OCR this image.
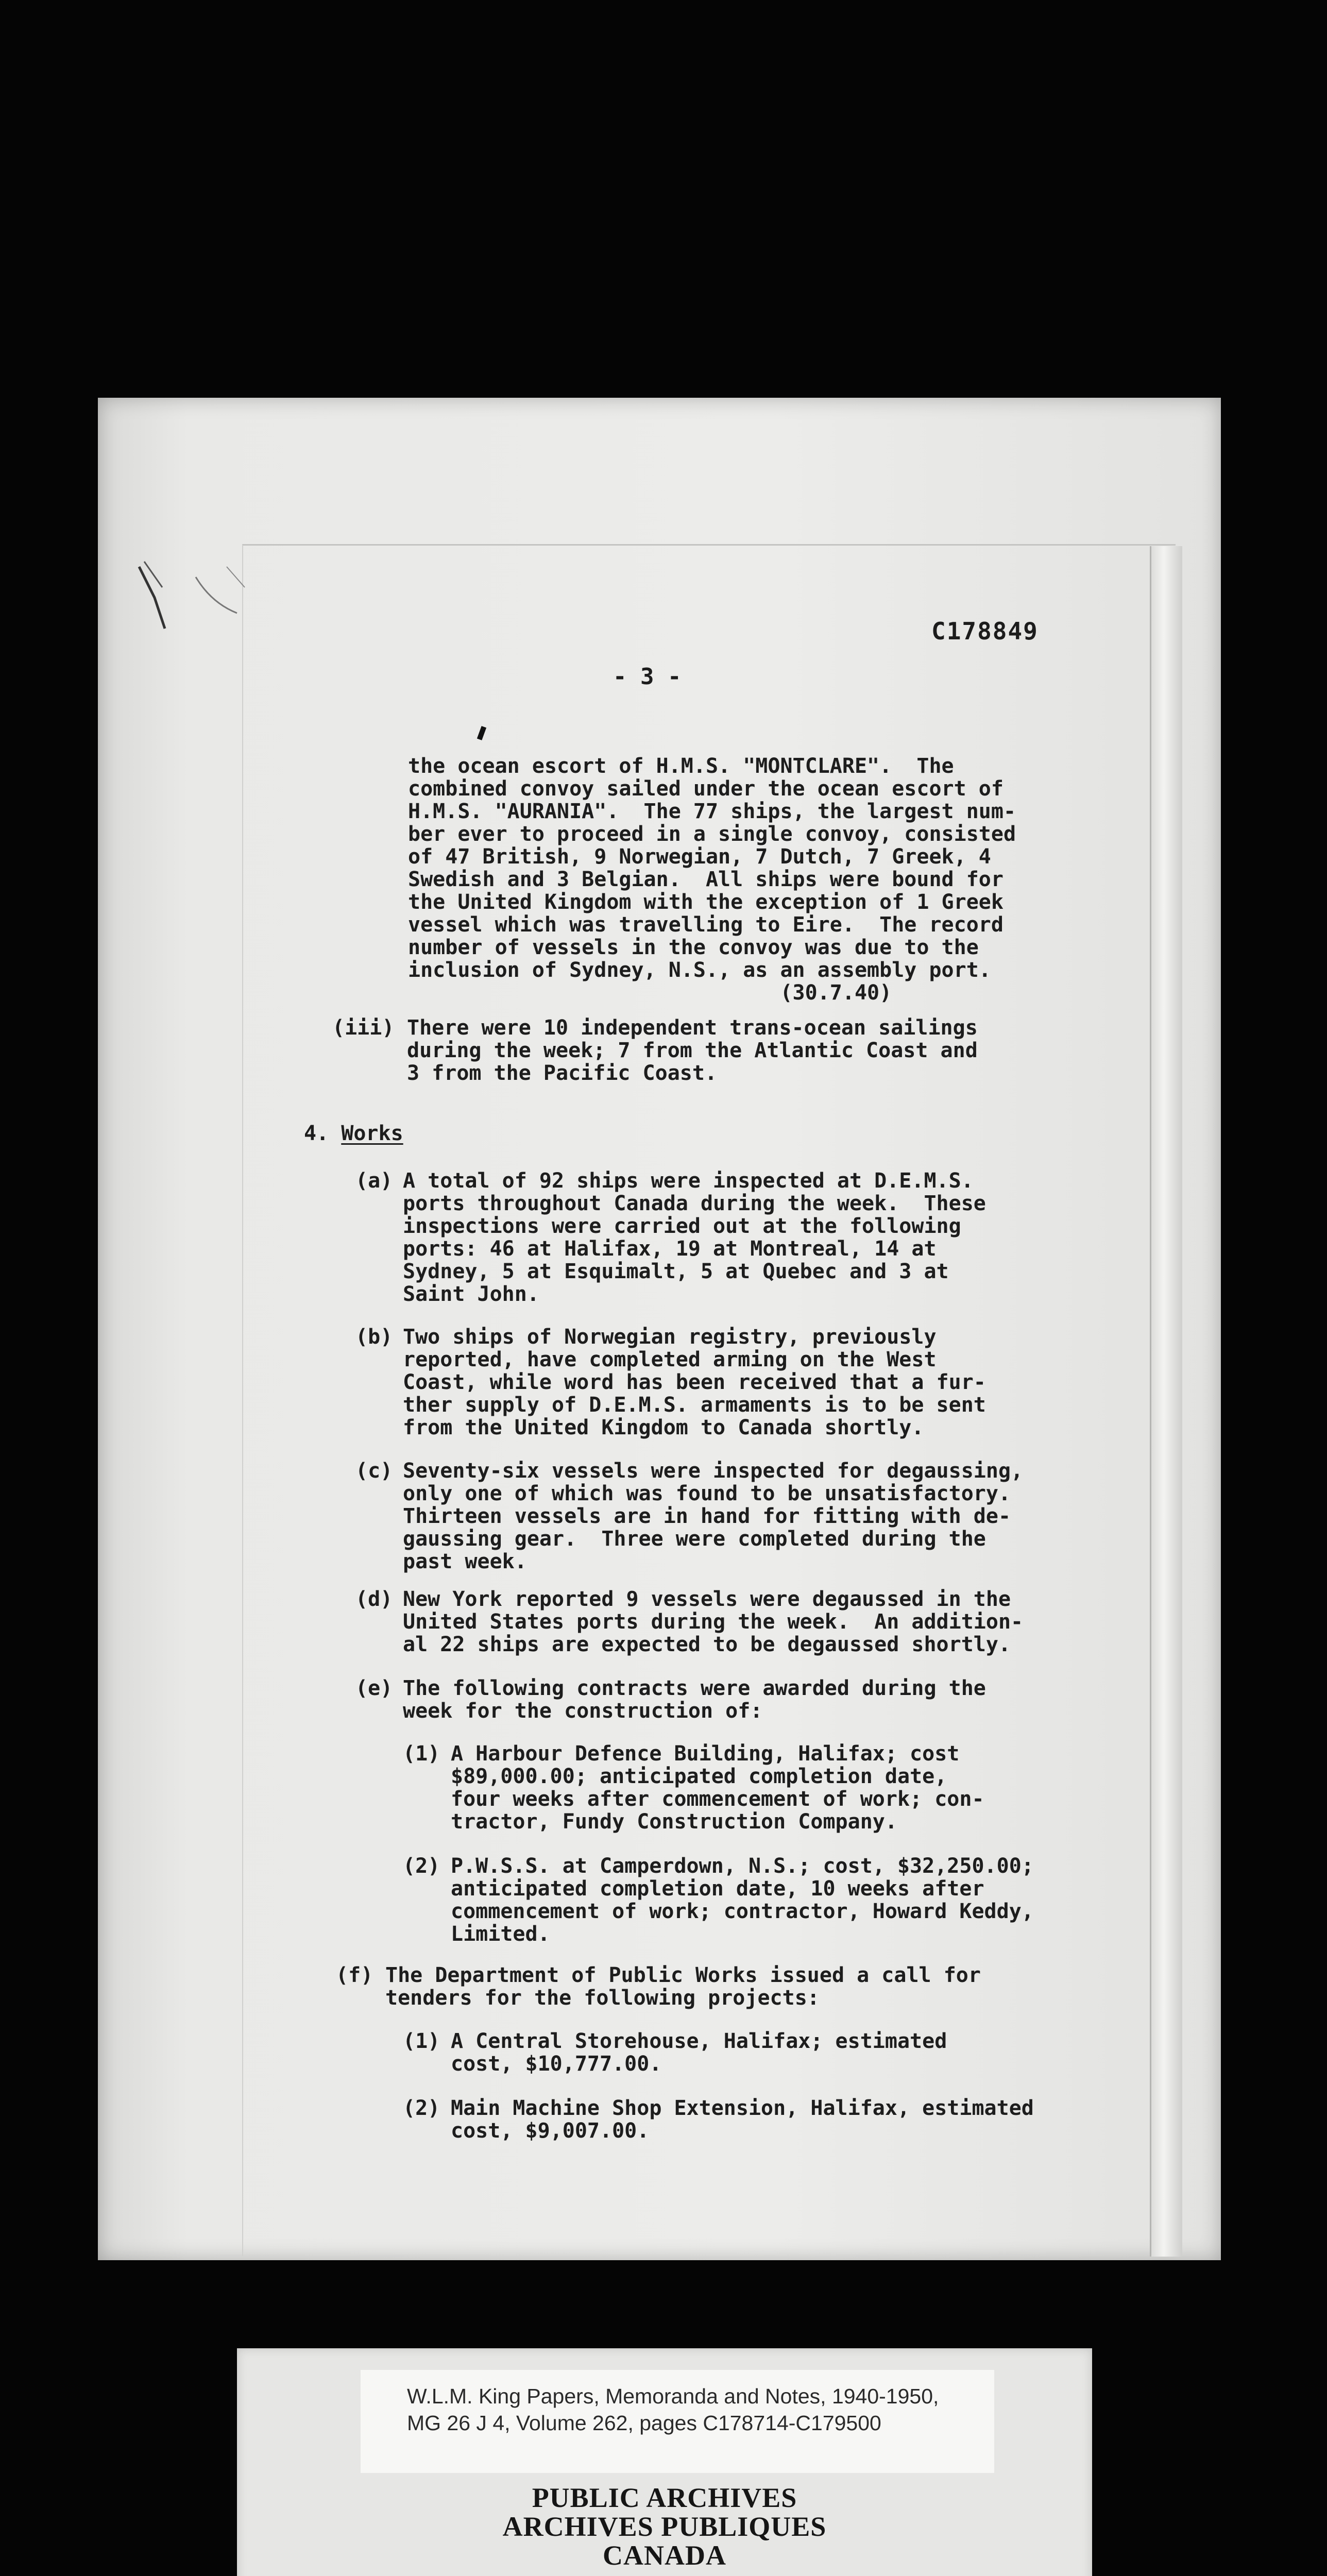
C178849
- 3 -
the ocean escort of H.M.S. "MONTCLARE".  The
combined convoy sailed under the ocean escort of
H.M.S. "AURANIA".  The 77 ships, the largest num-
ber ever to proceed in a single convoy, consisted
of 47 British, 9 Norwegian, 7 Dutch, 7 Greek, 4
Swedish and 3 Belgian.  All ships were bound for
the United Kingdom with the exception of 1 Greek
vessel which was travelling to Eire.  The record
number of vessels in the convoy was due to the
inclusion of Sydney, N.S., as an assembly port.
(30.7.40)
(iii) There were 10 independent trans-ocean sailings
during the week; 7 from the Atlantic Coast and
3 from the Pacific Coast.
4. Works
(a) A total of 92 ships were inspected at D.E.M.S.
ports throughout Canada during the week.  These
inspections were carried out at the following
ports: 46 at Halifax, 19 at Montreal, 14 at
Sydney, 5 at Esquimalt, 5 at Quebec and 3 at
Saint John.
(b) Two ships of Norwegian registry, previously
reported, have completed arming on the West
Coast, while word has been received that a fur-
ther supply of D.E.M.S. armaments is to be sent
from the United Kingdom to Canada shortly.
(c) Seventy-six vessels were inspected for degaussing,
only one of which was found to be unsatisfactory.
Thirteen vessels are in hand for fitting with de-
gaussing gear.  Three were completed during the
past week.
(d) New York reported 9 vessels were degaussed in the
United States ports during the week.  An addition-
al 22 ships are expected to be degaussed shortly.
(e) The following contracts were awarded during the
week for the construction of:
(1) A Harbour Defence Building, Halifax; cost
$89,000.00; anticipated completion date,
four weeks after commencement of work; con-
tractor, Fundy Construction Company.
(2) P.W.S.S. at Camperdown, N.S.; cost, $32,250.00;
anticipated completion date, 10 weeks after
commencement of work; contractor, Howard Keddy,
Limited.
(f) The Department of Public Works issued a call for
tenders for the following projects:
(1) A Central Storehouse, Halifax; estimated
cost, $10,777.00.
(2) Main Machine Shop Extension, Halifax, estimated
cost, $9,007.00.
W.L.M. King Papers, Memoranda and Notes, 1940-1950,
MG 26 J 4, Volume 262, pages C178714-C179500
PUBLIC ARCHIVES
ARCHIVES PUBLIQUES
CANADA
